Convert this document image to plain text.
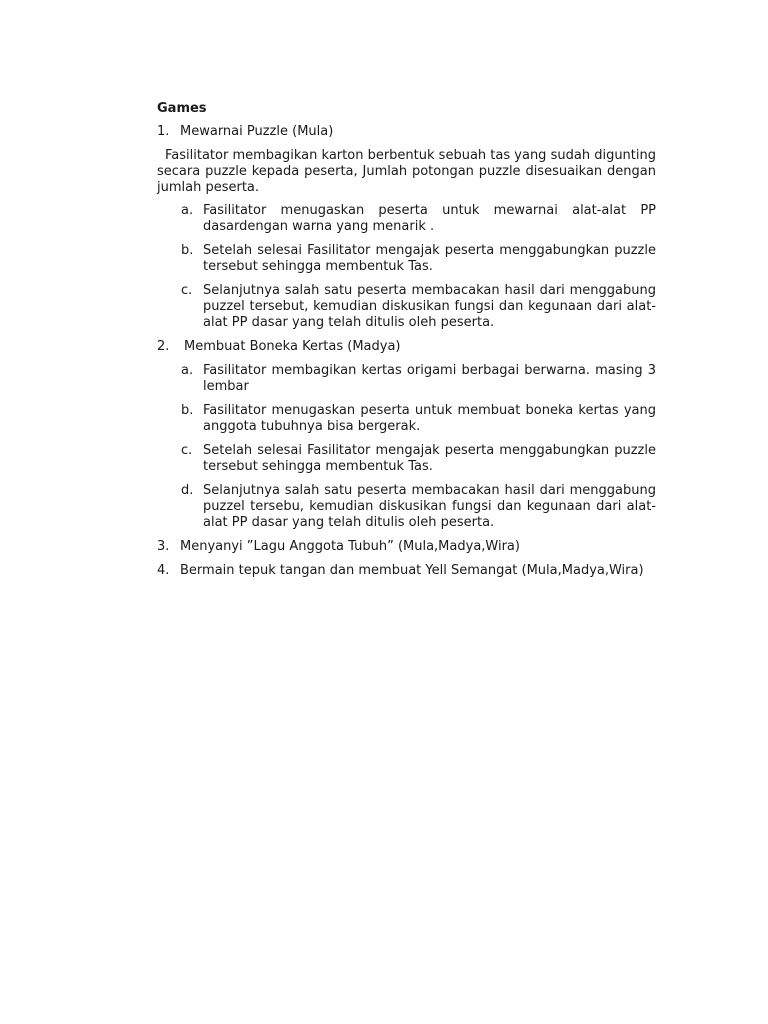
Games
1. Mewarnai Puzzle (Mula)
Fasilitator membagikan karton berbentuk sebuah tas yang sudah digunting secara puzzle kepada peserta, Jumlah potongan puzzle disesuaikan dengan jumlah peserta.
a. Fasilitator menugaskan peserta untuk mewarnai alat-alat PP dasardengan warna yang menarik .
b. Setelah selesai Fasilitator mengajak peserta menggabungkan puzzle tersebut sehingga membentuk Tas.
c. Selanjutnya salah satu peserta membacakan hasil dari menggabung puzzel tersebut, kemudian diskusikan fungsi dan kegunaan dari alat-alat PP dasar yang telah ditulis oleh peserta.
2.	Membuat Boneka Kertas (Madya)
a. Fasilitator membagikan kertas origami berbagai berwarna. masing 3 lembar
b. Fasilitator menugaskan peserta untuk membuat boneka kertas yang anggota tubuhnya bisa bergerak.
c. Setelah selesai Fasilitator mengajak peserta menggabungkan puzzle tersebut sehingga membentuk Tas.
d. Selanjutnya salah satu peserta membacakan hasil dari menggabung puzzel tersebu, kemudian diskusikan fungsi dan kegunaan dari alat-alat PP dasar yang telah ditulis oleh peserta.
3. Menyanyi ”Lagu Anggota Tubuh” (Mula,Madya,Wira)
4. Bermain tepuk tangan dan membuat Yell Semangat (Mula,Madya,Wira)
